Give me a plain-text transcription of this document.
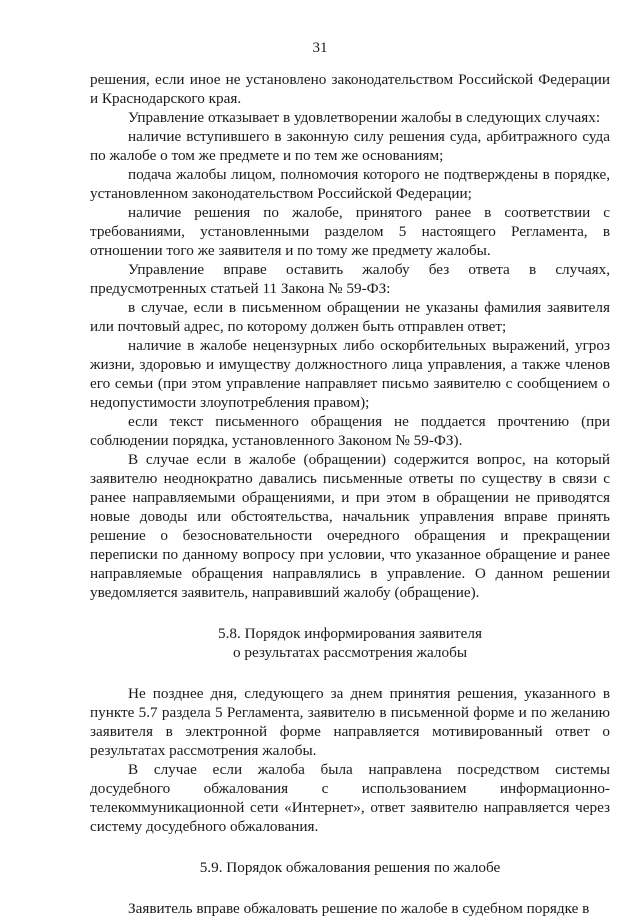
31

решения, если иное не установлено законодательством Российской Федерации и Краснодарского края.

Управление отказывает в удовлетворении жалобы в следующих случаях:

наличие вступившего в законную силу решения суда, арбитражного суда по жалобе о том же предмете и по тем же основаниям;

подача жалобы лицом, полномочия которого не подтверждены в порядке, установленном законодательством Российской Федерации;

наличие решения по жалобе, принятого ранее в соответствии с требованиями, установленными разделом 5 настоящего Регламента, в отношении того же заявителя и по тому же предмету жалобы.

Управление вправе оставить жалобу без ответа в случаях, предусмотренных статьей 11 Закона № 59-ФЗ:

в случае, если в письменном обращении не указаны фамилия заявителя или почтовый адрес, по которому должен быть отправлен ответ;

наличие в жалобе нецензурных либо оскорбительных выражений, угроз жизни, здоровью и имуществу должностного лица управления, а также членов его семьи (при этом управление направляет письмо заявителю с сообщением о недопустимости злоупотребления правом);

если текст письменного обращения не поддается прочтению (при соблюдении порядка, установленного Законом № 59-ФЗ).

В случае если в жалобе (обращении) содержится вопрос, на который заявителю неоднократно давались письменные ответы по существу в связи с ранее направляемыми обращениями, и при этом в обращении не приводятся новые доводы или обстоятельства, начальник управления вправе принять решение о безосновательности очередного обращения и прекращении переписки по данному вопросу при условии, что указанное обращение и ранее направляемые обращения направлялись в управление. О данном решении уведомляется заявитель, направивший жалобу (обращение).

5.8. Порядок информирования заявителя
о результатах рассмотрения жалобы

Не позднее дня, следующего за днем принятия решения, указанного в пункте 5.7 раздела 5 Регламента, заявителю в письменной форме и по желанию заявителя в электронной форме направляется мотивированный ответ о результатах рассмотрения жалобы.

В случае если жалоба была направлена посредством системы досудебного обжалования с использованием информационно-телекоммуникационной сети «Интернет», ответ заявителю направляется через систему досудебного обжалования.

5.9. Порядок обжалования решения по жалобе

Заявитель вправе обжаловать решение по жалобе в судебном порядке в
